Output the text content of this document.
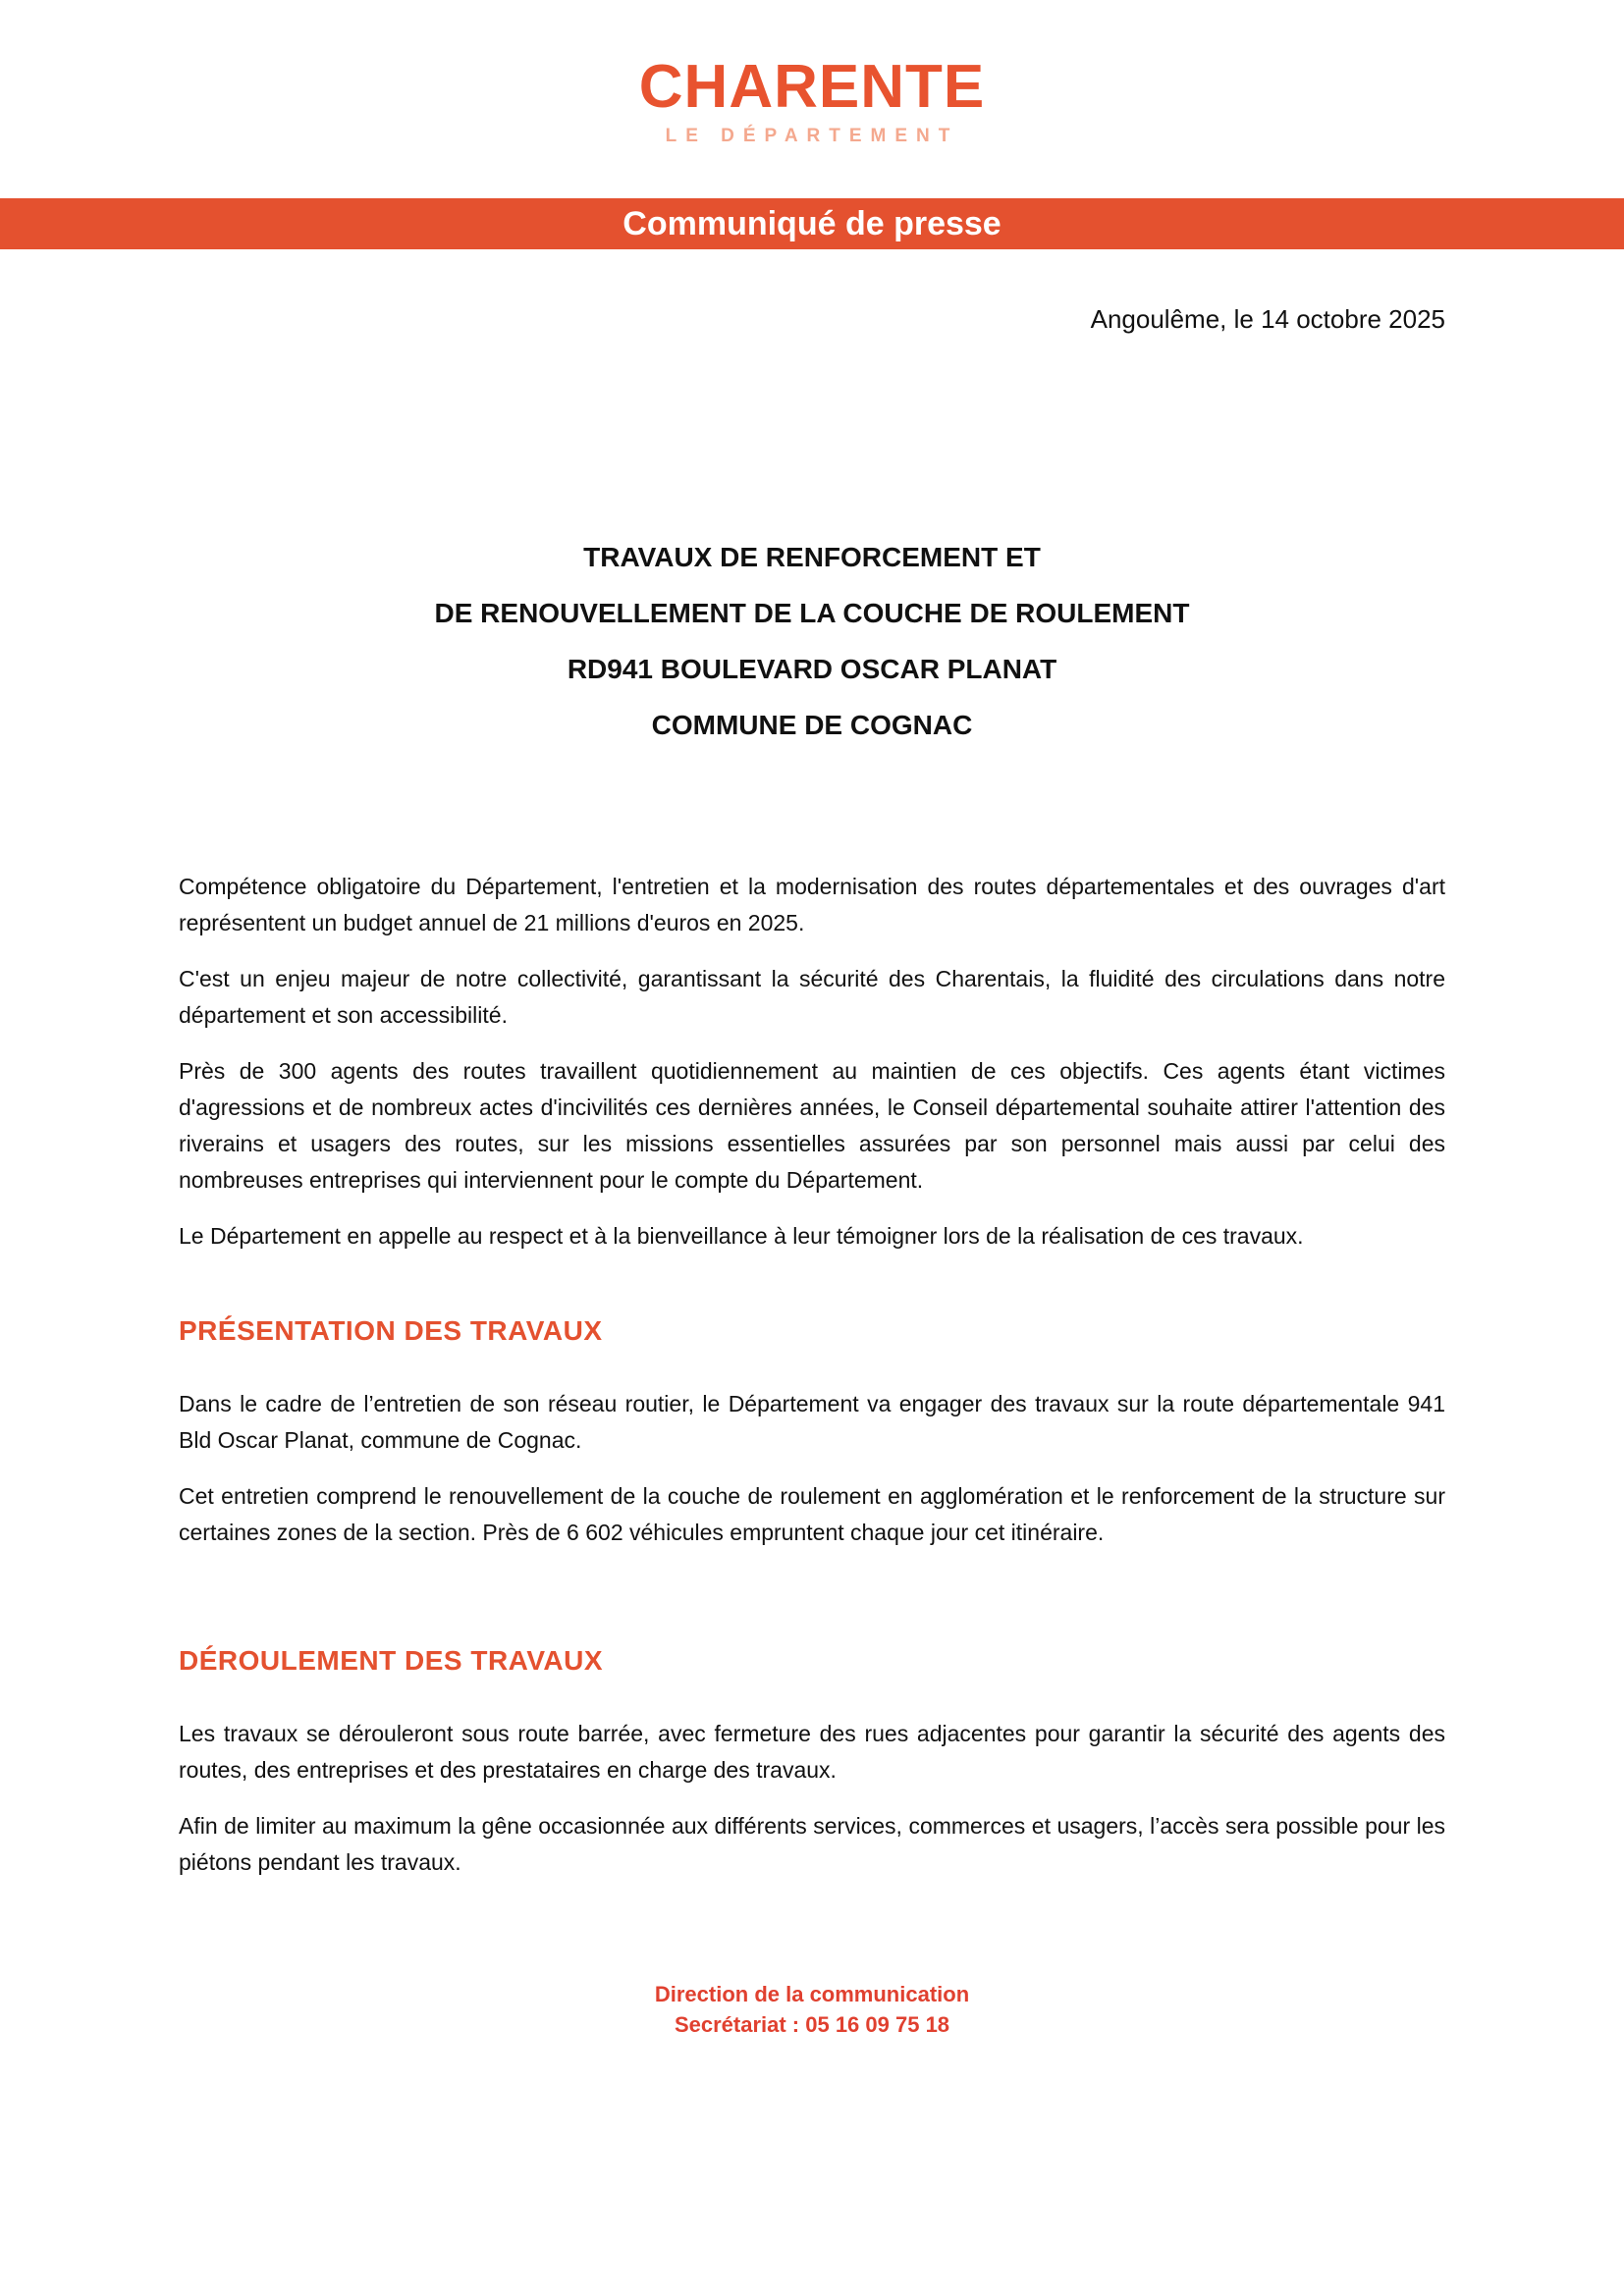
CHARENTE
LE DÉPARTEMENT
Communiqué de presse
Angoulême, le 14 octobre 2025
TRAVAUX DE RENFORCEMENT ET
DE RENOUVELLEMENT DE LA COUCHE DE ROULEMENT
RD941 BOULEVARD OSCAR PLANAT
COMMUNE DE COGNAC

Compétence obligatoire du Département, l'entretien et la modernisation des routes départementales et des ouvrages d'art représentent un budget annuel de 21 millions d'euros en 2025.

C'est un enjeu majeur de notre collectivité, garantissant la sécurité des Charentais, la fluidité des circulations dans notre département et son accessibilité.

Près de 300 agents des routes travaillent quotidiennement au maintien de ces objectifs. Ces agents étant victimes d'agressions et de nombreux actes d'incivilités ces dernières années, le Conseil départemental souhaite attirer l'attention des riverains et usagers des routes, sur les missions essentielles assurées par son personnel mais aussi par celui des nombreuses entreprises qui interviennent pour le compte du Département.

Le Département en appelle au respect et à la bienveillance à leur témoigner lors de la réalisation de ces travaux.

PRÉSENTATION DES TRAVAUX

Dans le cadre de l’entretien de son réseau routier, le Département va engager des travaux sur la route départementale 941 Bld Oscar Planat, commune de Cognac.

Cet entretien comprend le renouvellement de la couche de roulement en agglomération et le renforcement de la structure sur certaines zones de la section. Près de 6 602 véhicules empruntent chaque jour cet itinéraire.

DÉROULEMENT DES TRAVAUX

Les travaux se dérouleront sous route barrée, avec fermeture des rues adjacentes pour garantir la sécurité des agents des routes, des entreprises et des prestataires en charge des travaux.

Afin de limiter au maximum la gêne occasionnée aux différents services, commerces et usagers, l’accès sera possible pour les piétons pendant les travaux.

Direction de la communication
Secrétariat : 05 16 09 75 18
